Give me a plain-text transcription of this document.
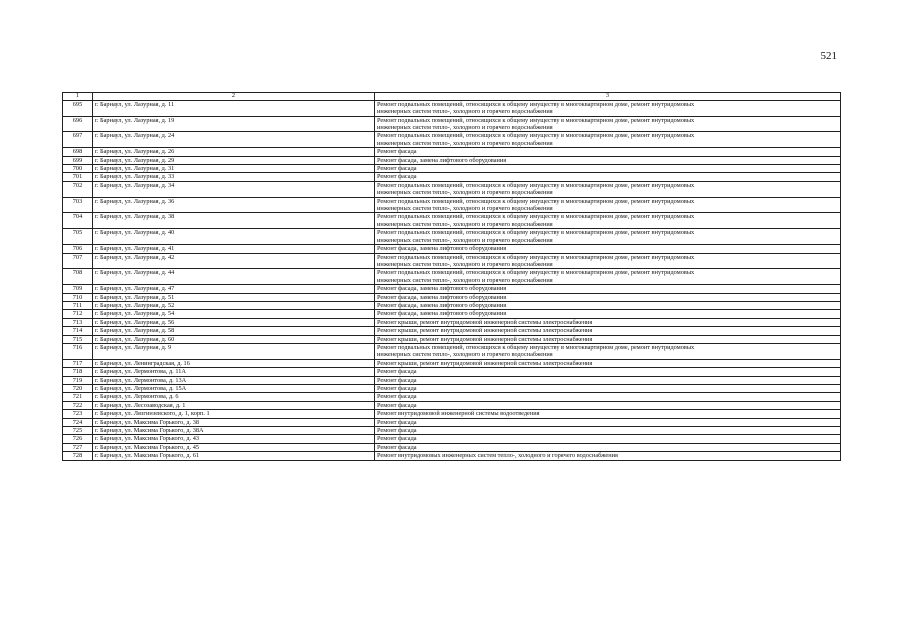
521
1	2	3
695	г. Барнаул, ул. Лазурная, д. 11	Ремонт подвальных помещений, относящихся к общему имуществу в многоквартирном доме, ремонт внутридомовых
инженерных систем тепло-, холодного и горячего водоснабжения

696	г. Барнаул, ул. Лазурная, д. 19	Ремонт подвальных помещений, относящихся к общему имуществу в многоквартирном доме, ремонт внутридомовых
инженерных систем тепло-, холодного и горячего водоснабжения

697	г. Барнаул, ул. Лазурная, д. 24	Ремонт подвальных помещений, относящихся к общему имуществу в многоквартирном доме, ремонт внутридомовых
инженерных систем тепло-, холодного и горячего водоснабжения

698	г. Барнаул, ул. Лазурная, д. 26	Ремонт фасада

699	г. Барнаул, ул. Лазурная, д. 29	Ремонт фасада, замена лифтового оборудования

700	г. Барнаул, ул. Лазурная, д. 31	Ремонт фасада

701	г. Барнаул, ул. Лазурная, д. 33	Ремонт фасада

702	г. Барнаул, ул. Лазурная, д. 34	Ремонт подвальных помещений, относящихся к общему имуществу в многоквартирном доме, ремонт внутридомовых
инженерных систем тепло-, холодного и горячего водоснабжения

703	г. Барнаул, ул. Лазурная, д. 36	Ремонт подвальных помещений, относящихся к общему имуществу в многоквартирном доме, ремонт внутридомовых
инженерных систем тепло-, холодного и горячего водоснабжения

704	г. Барнаул, ул. Лазурная, д. 38	Ремонт подвальных помещений, относящихся к общему имуществу в многоквартирном доме, ремонт внутридомовых
инженерных систем тепло-, холодного и горячего водоснабжения

705	г. Барнаул, ул. Лазурная, д. 40	Ремонт подвальных помещений, относящихся к общему имуществу в многоквартирном доме, ремонт внутридомовых
инженерных систем тепло-, холодного и горячего водоснабжения

706	г. Барнаул, ул. Лазурная, д. 41	Ремонт фасада, замена лифтового оборудования

707	г. Барнаул, ул. Лазурная, д. 42	Ремонт подвальных помещений, относящихся к общему имуществу в многоквартирном доме, ремонт внутридомовых
инженерных систем тепло-, холодного и горячего водоснабжения

708	г. Барнаул, ул. Лазурная, д. 44	Ремонт подвальных помещений, относящихся к общему имуществу в многоквартирном доме, ремонт внутридомовых
инженерных систем тепло-, холодного и горячего водоснабжения

709	г. Барнаул, ул. Лазурная, д. 47	Ремонт фасада, замена лифтового оборудования

710	г. Барнаул, ул. Лазурная, д. 51	Ремонт фасада, замена лифтового оборудования

711	г. Барнаул, ул. Лазурная, д. 52	Ремонт фасада, замена лифтового оборудования

712	г. Барнаул, ул. Лазурная, д. 54	Ремонт фасада, замена лифтового оборудования

713	г. Барнаул, ул. Лазурная, д. 56	Ремонт крыши, ремонт внутридомовой инженерной системы электроснабжения

714	г. Барнаул, ул. Лазурная, д. 58	Ремонт крыши, ремонт внутридомовой инженерной системы электроснабжения

715	г. Барнаул, ул. Лазурная, д. 60	Ремонт крыши, ремонт внутридомовой инженерной системы электроснабжения

716	г. Барнаул, ул. Лазурная, д. 9	Ремонт подвальных помещений, относящихся к общему имуществу в многоквартирном доме, ремонт внутридомовых
инженерных систем тепло-, холодного и горячего водоснабжения

717	г. Барнаул, ул. Ленинградская, д. 16	Ремонт крыши, ремонт внутридомовой инженерной системы электроснабжения

718	г. Барнаул, ул. Лермонтова, д. 11А	Ремонт фасада

719	г. Барнаул, ул. Лермонтова, д. 13А	Ремонт фасада

720	г. Барнаул, ул. Лермонтова, д. 15А	Ремонт фасада

721	г. Барнаул, ул. Лермонтова, д. 6	Ремонт фасада

722	г. Барнаул, ул. Лесозаводская, д. 1	Ремонт фасада

723	г. Барнаул, ул. Лязгинзевского, д. 1, корп. 1	Ремонт внутридомовой инженерной системы водоотведения

724	г. Барнаул, ул. Максима Горького, д. 38	Ремонт фасада

725	г. Барнаул, ул. Максима Горького, д. 38А	Ремонт фасада

726	г. Барнаул, ул. Максима Горького, д. 43	Ремонт фасада

727	г. Барнаул, ул. Максима Горького, д. 45	Ремонт фасада

728	г. Барнаул, ул. Максима Горького, д. 61	Ремонт внутридомовых инженерных систем тепло-, холодного и горячего водоснабжения
